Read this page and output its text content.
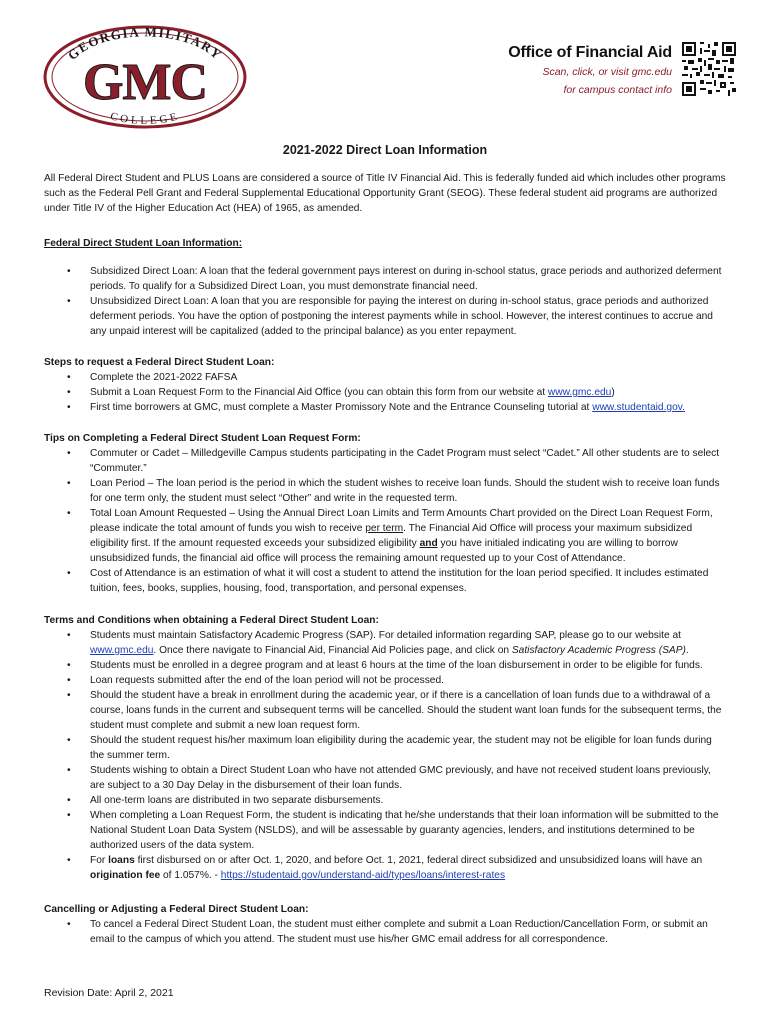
GEORGIA MILITARY
GMC
COLLEGE
Office of Financial Aid
Scan, click, or visit gmc.edu
for campus contact info
2021-2022 Direct Loan Information
All Federal Direct Student and PLUS Loans are considered a source of Title IV Financial Aid. This is federally funded aid which includes other programs such as the Federal Pell Grant and Federal Supplemental Educational Opportunity Grant (SEOG). These federal student aid programs are authorized under Title IV of the Higher Education Act (HEA) of 1965, as amended.

Federal Direct Student Loan Information:

• Subsidized Direct Loan: A loan that the federal government pays interest on during in-school status, grace periods and authorized deferment periods. To qualify for a Subsidized Direct Loan, you must demonstrate financial need.
• Unsubsidized Direct Loan: A loan that you are responsible for paying the interest on during in-school status, grace periods and authorized deferment periods. You have the option of postponing the interest payments while in school. However, the interest continues to accrue and any unpaid interest will be capitalized (added to the principal balance) as you enter repayment.

Steps to request a Federal Direct Student Loan:

• Complete the 2021-2022 FAFSA
• Submit a Loan Request Form to the Financial Aid Office (you can obtain this form from our website at www.gmc.edu)
• First time borrowers at GMC, must complete a Master Promissory Note and the Entrance Counseling tutorial at www.studentaid.gov.

Tips on Completing a Federal Direct Student Loan Request Form:

• Commuter or Cadet – Milledgeville Campus students participating in the Cadet Program must select “Cadet.” All other students are to select “Commuter.”
• Loan Period – The loan period is the period in which the student wishes to receive loan funds. Should the student wish to receive loan funds for one term only, the student must select “Other” and write in the requested term.
• Total Loan Amount Requested – Using the Annual Direct Loan Limits and Term Amounts Chart provided on the Direct Loan Request Form, please indicate the total amount of funds you wish to receive per term. The Financial Aid Office will process your maximum subsidized eligibility first. If the amount requested exceeds your subsidized eligibility and you have initialed indicating you are willing to borrow unsubsidized funds, the financial aid office will process the remaining amount requested up to your Cost of Attendance.
• Cost of Attendance is an estimation of what it will cost a student to attend the institution for the loan period specified. It includes estimated tuition, fees, books, supplies, housing, food, transportation, and personal expenses.

Terms and Conditions when obtaining a Federal Direct Student Loan:

• Students must maintain Satisfactory Academic Progress (SAP). For detailed information regarding SAP, please go to our website at www.gmc.edu. Once there navigate to Financial Aid, Financial Aid Policies page, and click on Satisfactory Academic Progress (SAP).
• Students must be enrolled in a degree program and at least 6 hours at the time of the loan disbursement in order to be eligible for funds.
• Loan requests submitted after the end of the loan period will not be processed.
• Should the student have a break in enrollment during the academic year, or if there is a cancellation of loan funds due to a withdrawal of a course, loans funds in the current and subsequent terms will be cancelled. Should the student want loan funds for the subsequent terms, the student must complete and submit a new loan request form.
• Should the student request his/her maximum loan eligibility during the academic year, the student may not be eligible for loan funds during the summer term.
• Students wishing to obtain a Direct Student Loan who have not attended GMC previously, and have not received student loans previously, are subject to a 30 Day Delay in the disbursement of their loan funds.
• All one-term loans are distributed in two separate disbursements.
• When completing a Loan Request Form, the student is indicating that he/she understands that their loan information will be submitted to the National Student Loan Data System (NSLDS), and will be assessable by guaranty agencies, lenders, and institutions determined to be authorized users of the data system.
• For loans first disbursed on or after Oct. 1, 2020, and before Oct. 1, 2021, federal direct subsidized and unsubsidized loans will have an origination fee of 1.057%. - https://studentaid.gov/understand-aid/types/loans/interest-rates

Cancelling or Adjusting a Federal Direct Student Loan:

• To cancel a Federal Direct Student Loan, the student must either complete and submit a Loan Reduction/Cancellation Form, or submit an email to the campus of which you attend. The student must use his/her GMC email address for all correspondence.
Revision Date: April 2, 2021
